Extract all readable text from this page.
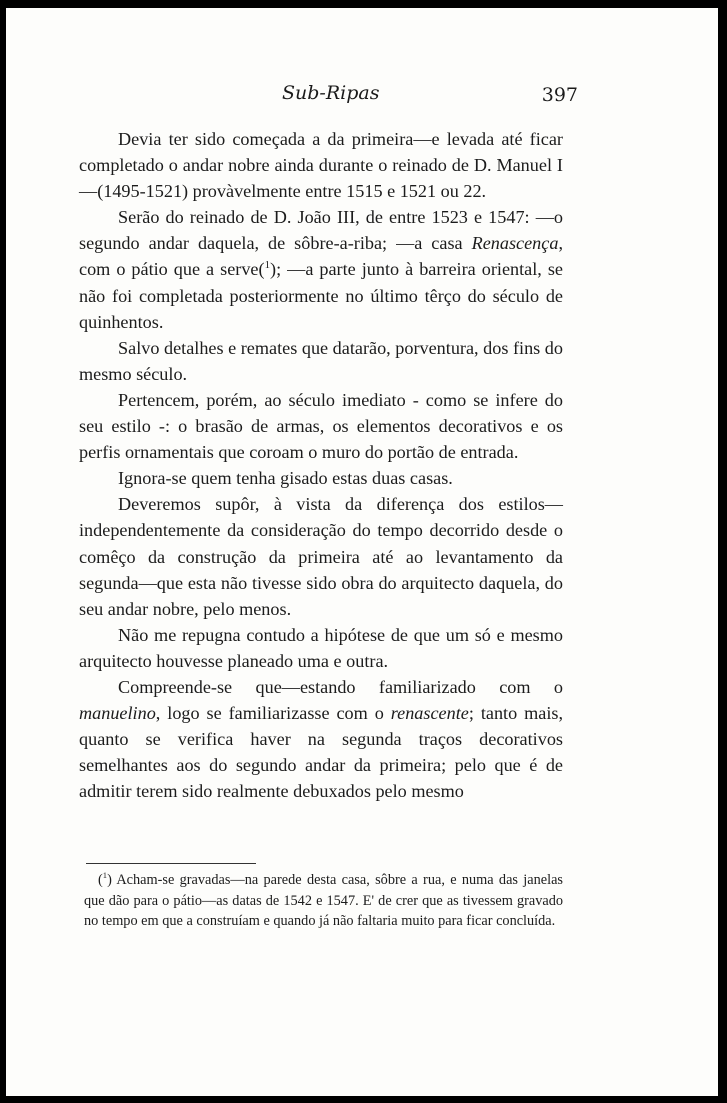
Sub-Ripas	397

Devia ter sido começada a da primeira—e levada até ficar completado o andar nobre ainda durante o reinado de D. Manuel I—(1495-1521) provàvelmente entre 1515 e 1521 ou 22.

Serão do reinado de D. João III, de entre 1523 e 1547: —o segundo andar daquela, de sôbre-a-riba; —a casa Renascença, com o pátio que a serve($^1$); —a parte junto à barreira oriental, se não foi completada posteriormente no último têrço do século de quinhentos.

Salvo detalhes e remates que datarão, porventura, dos fins do mesmo século.

Pertencem, porém, ao século imediato - como se infere do seu estilo -: o brasão de armas, os elementos decorativos e os perfis ornamentais que coroam o muro do portão de entrada.

Ignora-se quem tenha gisado estas duas casas.

Deveremos supôr, à vista da diferença dos estilos—independentemente da consideração do tempo decorrido desde o comêço da construção da primeira até ao levantamento da segunda—que esta não tivesse sido obra do arquitecto daquela, do seu andar nobre, pelo menos.

Não me repugna contudo a hipótese de que um só e mesmo arquitecto houvesse planeado uma e outra.

Compreende-se que—estando familiarizado com o manuelino, logo se familiarizasse com o renascente; tanto mais, quanto se verifica haver na segunda traços decorativos semelhantes aos do segundo andar da primeira; pelo que é de admitir terem sido realmente debuxados pelo mesmo

($^1$) Acham-se gravadas—na parede desta casa, sôbre a rua, e numa das janelas que dão para o pátio—as datas de 1542 e 1547. E' de crer que as tivessem gravado no tempo em que a construíam e quando já não faltaria muito para ficar concluída.
